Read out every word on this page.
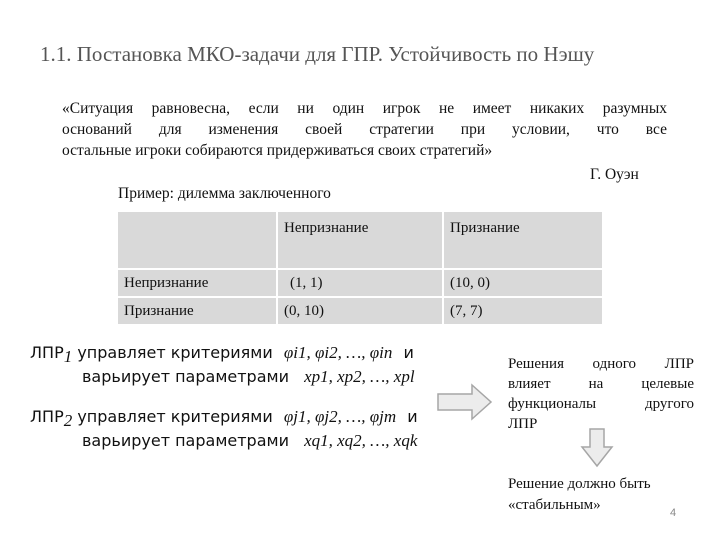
1.1. Постановка МКО-задачи для ГПР. Устойчивость по Нэшу
«Ситуация равновесна, если ни один игрок не имеет никаких разумных
оснований для изменения своей стратегии при условии, что все
остальные игроки собираются придерживаться своих стратегий»
Г. Оуэн
Пример: дилемма заключенного
	Непризнание	Признание
Непризнание	(1, 1)	(10, 0)
Признание	(0, 10)	(7, 7)
$ЛПР_1$ управляет критериями φi1, φi2, …, φin и
варьирует параметрами xp1, xp2, …, xpl
$ЛПР_2$ управляет критериями φj1, φj2, …, φjm и
варьирует параметрами xq1, xq2, …, xqk
Решения одного ЛПР
влияет на целевые
функционалы другого
ЛПР
Решение должно быть
«стабильным»	4
